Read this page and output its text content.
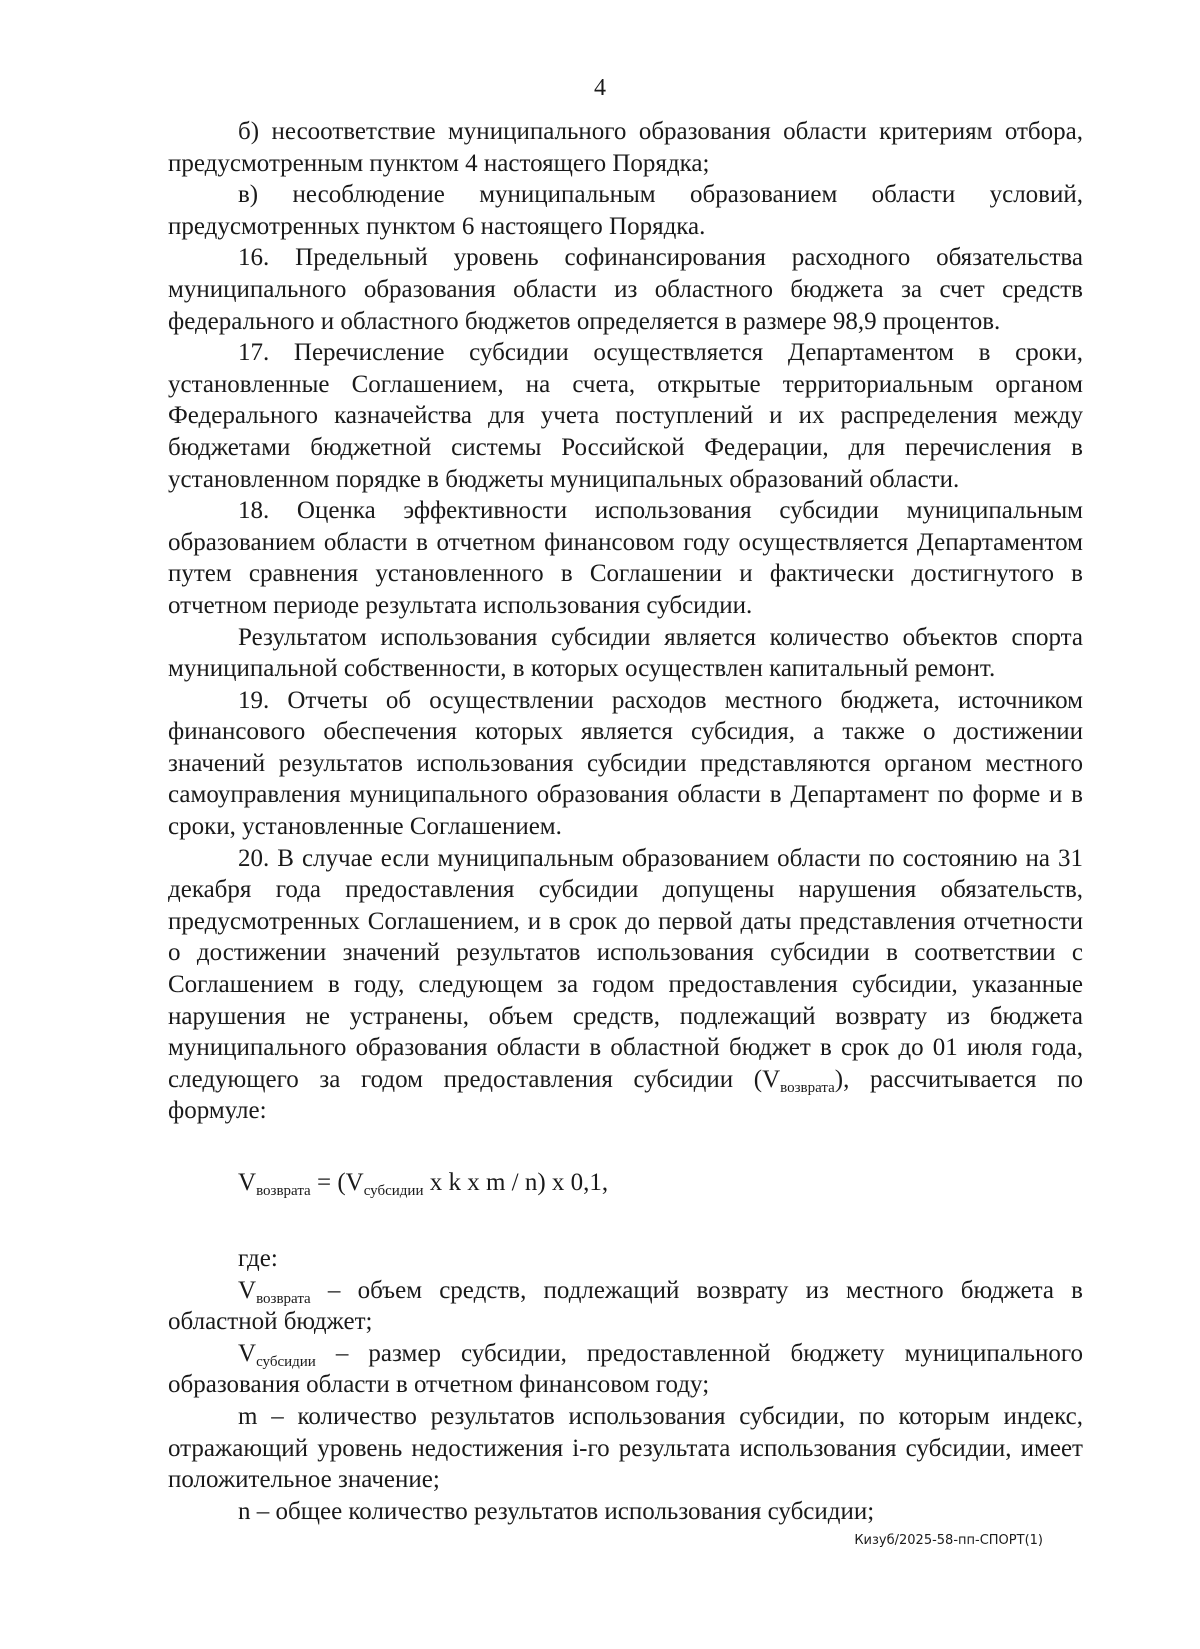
4

б) несоответствие муниципального образования области критериям отбора, предусмотренным пунктом 4 настоящего Порядка;

в) несоблюдение муниципальным образованием области условий, предусмотренных пунктом 6 настоящего Порядка.

16. Предельный уровень софинансирования расходного обязательства муниципального образования области из областного бюджета за счет средств федерального и областного бюджетов определяется в размере 98,9 процентов.

17. Перечисление субсидии осуществляется Департаментом в сроки, установленные Соглашением, на счета, открытые территориальным органом Федерального казначейства для учета поступлений и их распределения между бюджетами бюджетной системы Российской Федерации, для перечисления в установленном порядке в бюджеты муниципальных образований области.

18. Оценка эффективности использования субсидии муниципальным образованием области в отчетном финансовом году осуществляется Департаментом путем сравнения установленного в Соглашении и фактически достигнутого в отчетном периоде результата использования субсидии.

Результатом использования субсидии является количество объектов спорта муниципальной собственности, в которых осуществлен капитальный ремонт.

19. Отчеты об осуществлении расходов местного бюджета, источником финансового обеспечения которых является субсидия, а также о достижении значений результатов использования субсидии представляются органом местного самоуправления муниципального образования области в Департамент по форме и в сроки, установленные Соглашением.

20. В случае если муниципальным образованием области по состоянию на 31 декабря года предоставления субсидии допущены нарушения обязательств, предусмотренных Соглашением, и в срок до первой даты представления отчетности о достижении значений результатов использования субсидии в соответствии с Соглашением в году, следующем за годом предоставления субсидии, указанные нарушения не устранены, объем средств, подлежащий возврату из бюджета муниципального образования области в областной бюджет в срок до 01 июля года, следующего за годом предоставления субсидии $(V_{возврата})$, рассчитывается по формуле:

$V_{возврата} = (V_{субсидии}$ x k x m / n) x 0,1,
где:

$V_{возврата}$ – объем средств, подлежащий возврату из местного бюджета в областной бюджет;

$V_{субсидии}$ – размер субсидии, предоставленной бюджету муниципального образования области в отчетном финансовом году;

m – количество результатов использования субсидии, по которым индекс, отражающий уровень недостижения i-го результата использования субсидии, имеет положительное значение;

n – общее количество результатов использования субсидии;

Кизуб/2025-58-пп-СПОРТ(1)
